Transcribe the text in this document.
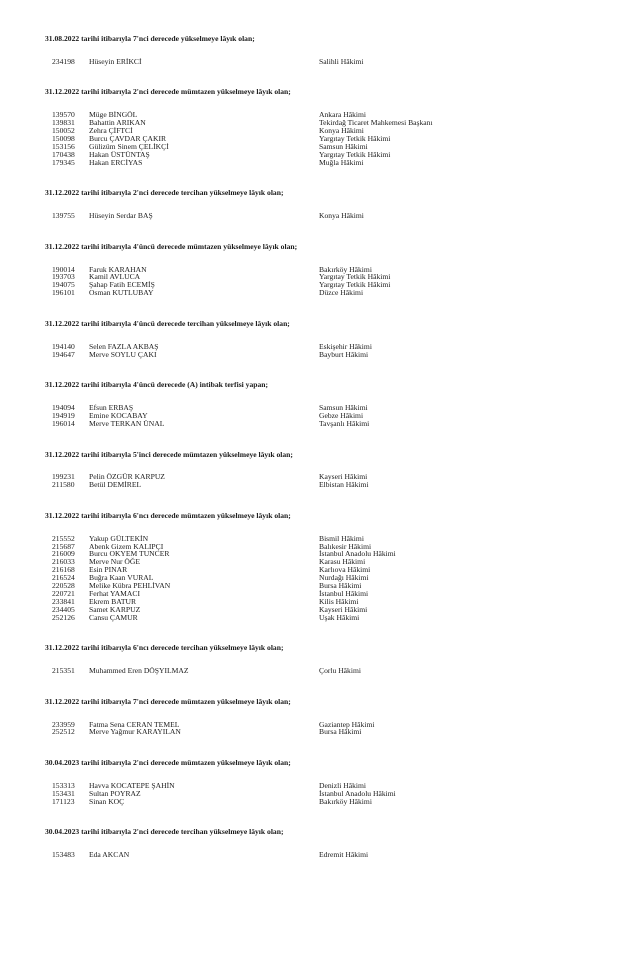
31.08.2022 tarihi itibarıyla 7'nci derecede yükselmeye lâyık olan;
234198	Hüseyin ERİKCİ	Salihli Hâkimi
31.12.2022 tarihi itibarıyla 2'nci derecede mümtazen yükselmeye lâyık olan;
139570	Müge BİNGÖL	Ankara Hâkimi
139831	Bahattin ARIKAN	Tekirdağ Ticaret Mahkemesi Başkanı
150052	Zehra ÇİFTCİ	Konya Hâkimi
150098	Burcu ÇAVDAR ÇAKIR	Yargıtay Tetkik Hâkimi
153156	Gülizüm Sinem ÇELİKÇİ	Samsun Hâkimi
170438	Hakan ÜSTÜNTAŞ	Yargıtay Tetkik Hâkimi
179345	Hakan ERCİYAS	Muğla Hâkimi
31.12.2022 tarihi itibarıyla 2'nci derecede tercihan yükselmeye lâyık olan;
139755	Hüseyin Serdar BAŞ	Konya Hâkimi
31.12.2022 tarihi itibarıyla 4'üncü derecede mümtazen yükselmeye lâyık olan;
190014	Faruk KARAHAN	Bakırköy Hâkimi
193703	Kamil AVLUCA	Yargıtay Tetkik Hâkimi
194075	Şahap Fatih ECEMİŞ	Yargıtay Tetkik Hâkimi
196101	Osman KUTLUBAY	Düzce Hâkimi
31.12.2022 tarihi itibarıyla 4'üncü derecede tercihan yükselmeye lâyık olan;
194140	Selen FAZLA AKBAŞ	Eskişehir Hâkimi
194647	Merve SOYLU ÇAKI	Bayburt Hâkimi
31.12.2022 tarihi itibarıyla 4'üncü derecede (A) intibak terfisi yapan;
194094	Efsun ERBAŞ	Samsun Hâkimi
194919	Emine KOCABAY	Gebze Hâkimi
196014	Merve TERKAN ÜNAL	Tavşanlı Hâkimi
31.12.2022 tarihi itibarıyla 5'inci derecede mümtazen yükselmeye lâyık olan;
199231	Pelin ÖZGÜR KARPUZ	Kayseri Hâkimi
211580	Betül DEMİREL	Elbistan Hâkimi
31.12.2022 tarihi itibarıyla 6'ncı derecede mümtazen yükselmeye lâyık olan;
215552	Yakup GÜLTEKİN	Bismil Hâkimi
215687	Abenk Gizem KALIPÇI	Balıkesir Hâkimi
216009	Burcu OKYEM TUNCER	İstanbul Anadolu Hâkimi
216033	Merve Nur ÖĞE	Karasu Hâkimi
216168	Esin PINAR	Karlıova Hâkimi
216524	Buğra Kaan VURAL	Nurdağı Hâkimi
220528	Melike Kübra PEHLİVAN	Bursa Hâkimi
220721	Ferhat YAMACI	İstanbul Hâkimi
233841	Ekrem BATUR	Kilis Hâkimi
234405	Samet KARPUZ	Kayseri Hâkimi
252126	Cansu ÇAMUR	Uşak Hâkimi
31.12.2022 tarihi itibarıyla 6'ncı derecede tercihan yükselmeye lâyık olan;
215351	Muhammed Eren DÖŞYILMAZ	Çorlu Hâkimi
31.12.2022 tarihi itibarıyla 7'nci derecede mümtazen yükselmeye lâyık olan;
233959	Fatma Sena CERAN TEMEL	Gaziantep Hâkimi
252512	Merve Yağmur KARAYILAN	Bursa Hâkimi
30.04.2023 tarihi itibarıyla 2'nci derecede mümtazen yükselmeye lâyık olan;
153313	Havva KOCATEPE ŞAHİN	Denizli Hâkimi
153431	Sultan POYRAZ	İstanbul Anadolu Hâkimi
171123	Sinan KOÇ	Bakırköy Hâkimi
30.04.2023 tarihi itibarıyla 2'nci derecede tercihan yükselmeye lâyık olan;
153483	Eda AKCAN	Edremit Hâkimi
